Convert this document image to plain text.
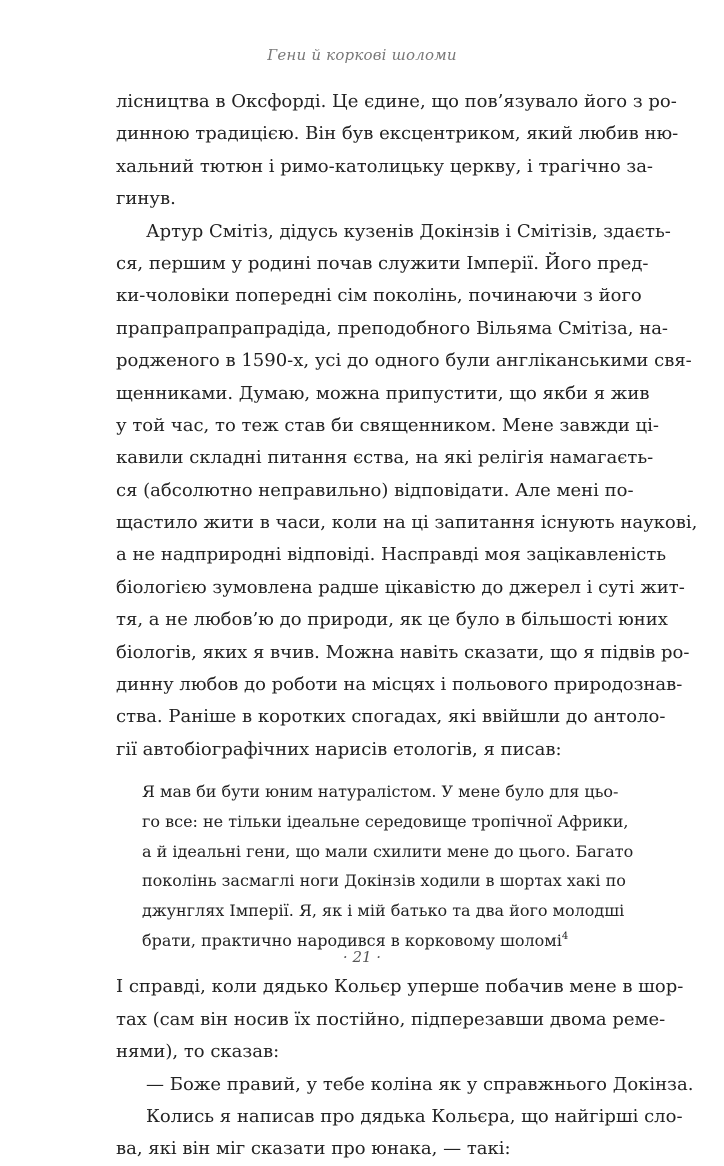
Гени й коркові шоломи
лісництва в Оксфорді. Це єдине, що пов’язувало його з ро-
динною традицією. Він був ексцентриком, який любив ню-
хальний тютюн і римо-католицьку церкву, і трагічно за-
гинув.
Артур Смітіз, дідусь кузенів Докінзів і Смітізів, здаєть-
ся, першим у родині почав служити Імперії. Його пред-
ки-чоловіки попередні сім поколінь, починаючи з його
прапрапрапрапрадіда, преподобного Вільяма Смітіза, на-
родженого в 1590-х, усі до одного були англіканськими свя-
щенниками. Думаю, можна припустити, що якби я жив
у той час, то теж став би священником. Мене завжди ці-
кавили складні питання єства, на які релігія намагаєть-
ся (абсолютно неправильно) відповідати. Але мені по-
щастило жити в часи, коли на ці запитання існують наукові,
а не надприродні відповіді. Насправді моя зацікавленість
біологією зумовлена радше цікавістю до джерел і суті жит-
тя, а не любов’ю до природи, як це було в більшості юних
біологів, яких я вчив. Можна навіть сказати, що я підвів ро-
динну любов до роботи на місцях і польового природознав-
ства. Раніше в коротких спогадах, які ввійшли до антоло-
гії автобіографічних нарисів етологів, я писав:
Я мав би бути юним натуралістом. У мене було для цьо-
го все: не тільки ідеальне середовище тропічної Африки,
а й ідеальні гени, що мали схилити мене до цього. Багато
поколінь засмаглі ноги Докінзів ходили в шортах хакі по
джунглях Імперії. Я, як і мій батько та два його молодші
брати, практично народився в корковому шоломі$^4$
І справді, коли дядько Кольєр уперше побачив мене в шор-
тах (сам він носив їх постійно, підперезавши двома реме-
нями), то сказав:
— Боже правий, у тебе коліна як у справжнього Докінза.
Колись я написав про дядька Кольєра, що найгірші сло-
ва, які він міг сказати про юнака, — такі:
· 21 ·
